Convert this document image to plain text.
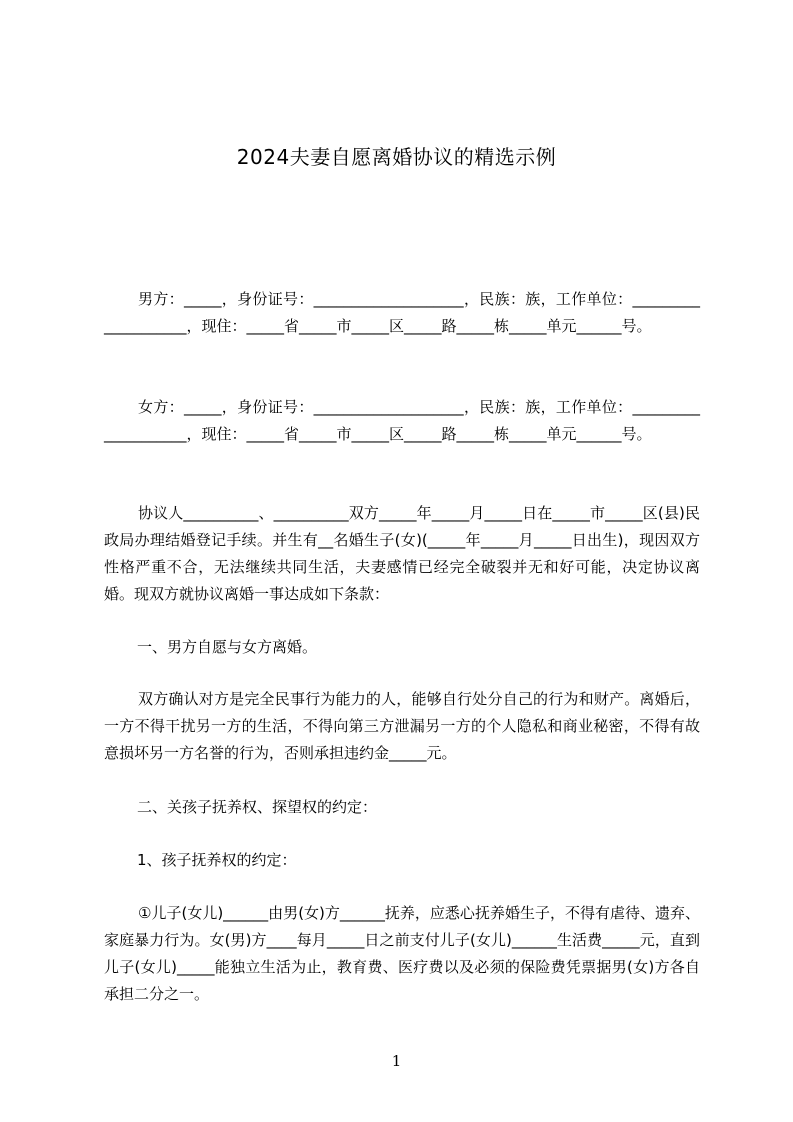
2024夫妻自愿离婚协议的精选示例

男方：_____，身份证号：____________________，民族：族，工作单位：____________________，现住：_____省_____市_____区_____路_____栋_____单元______号。

女方：_____，身份证号：____________________，民族：族，工作单位：____________________，现住：_____省_____市_____区_____路_____栋_____单元______号。

协议人__________、__________双方_____年_____月_____日在_____市_____区(县)民政局办理结婚登记手续。并生有__名婚生子(女)(_____年_____月_____日出生)，现因双方性格严重不合，无法继续共同生活，夫妻感情已经完全破裂并无和好可能，决定协议离婚。现双方就协议离婚一事达成如下条款：

一、男方自愿与女方离婚。

双方确认对方是完全民事行为能力的人，能够自行处分自己的行为和财产。离婚后，一方不得干扰另一方的生活，不得向第三方泄漏另一方的个人隐私和商业秘密，不得有故意损坏另一方名誉的行为，否则承担违约金_____元。

二、关孩子抚养权、探望权的约定：

1、孩子抚养权的约定：

①儿子(女儿)______由男(女)方______抚养，应悉心抚养婚生子，不得有虐待、遗弃、家庭暴力行为。女(男)方____每月_____日之前支付儿子(女儿)______生活费_____元，直到儿子(女儿)_____能独立生活为止，教育费、医疗费以及必须的保险费凭票据男(女)方各自承担二分之一。

1
